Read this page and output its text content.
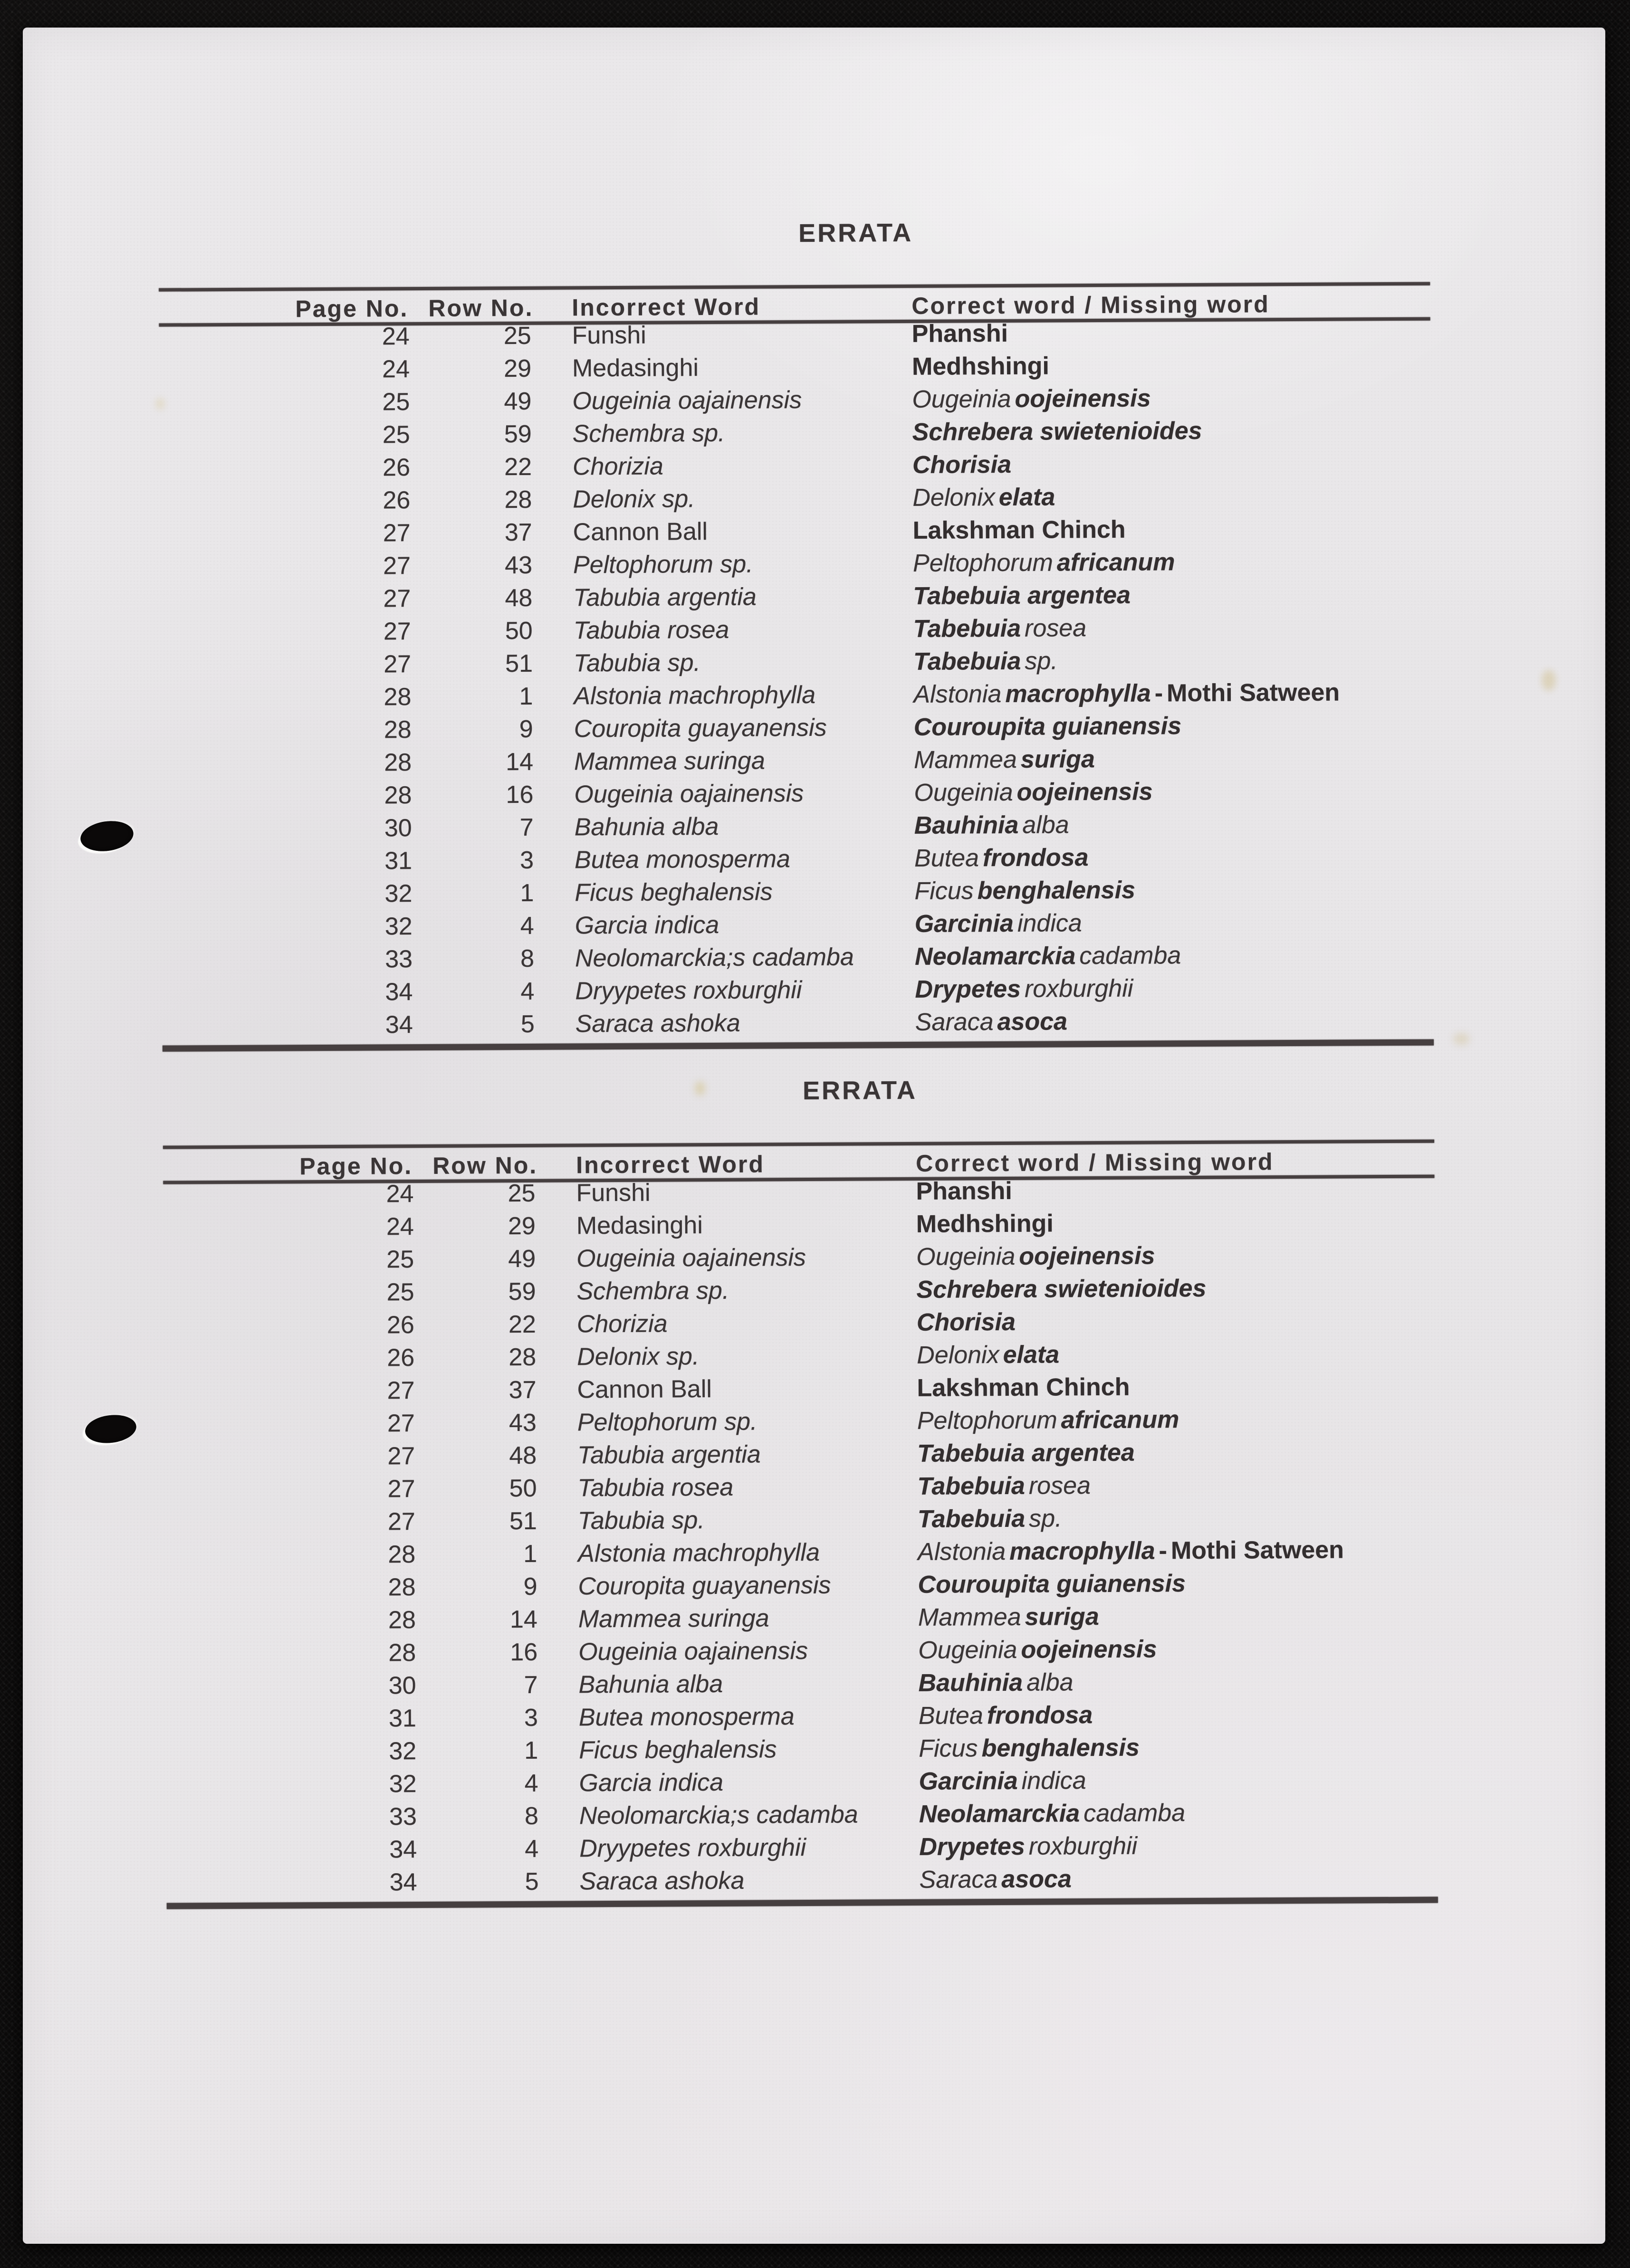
ERRATA
Page No. Row No. Incorrect Word	Correct word / Missing word
24	25 Funshi	Phanshi
24	29 Medasinghi	Medhshingi
25	49 Ougeinia oajainensis	Ougeinia oojeinensis
25	59 Schembra sp.	Schrebera swietenioides
26	22 Chorizia	Chorisia
26	28 Delonix sp.	Delonix elata
27	37 Cannon Ball	Lakshman Chinch
27	43 Peltophorum sp.	Peltophorum africanum
27	48 Tabubia argentia	Tabebuia argentea
27	50 Tabubia rosea	Tabebuia rosea
27	51 Tabubia sp.	Tabebuia sp.
28	1 Alstonia machrophylla	Alstonia macrophylla - Mothi Satween
28	9 Couropita guayanensis	Couroupita guianensis
28	14 Mammea suringa	Mammea suriga
28	16 Ougeinia oajainensis	Ougeinia oojeinensis
30	7 Bahunia alba	Bauhinia alba
31	3 Butea monosperma	Butea frondosa
32	1 Ficus beghalensis	Ficus benghalensis
32	4 Garcia indica	Garcinia indica
33	8 Neolomarckia;s cadamba	Neolamarckia cadamba
34	4 Dryypetes roxburghii	Drypetes roxburghii
34	5 Saraca ashoka	Saraca asoca
ERRATA
Page No. Row No. Incorrect Word	Correct word / Missing word
24	25 Funshi	Phanshi
24	29 Medasinghi	Medhshingi
25	49 Ougeinia oajainensis	Ougeinia oojeinensis
25	59 Schembra sp.	Schrebera swietenioides
26	22 Chorizia	Chorisia
26	28 Delonix sp.	Delonix elata
27	37 Cannon Ball	Lakshman Chinch
27	43 Peltophorum sp.	Peltophorum africanum
27	48 Tabubia argentia	Tabebuia argentea
27	50 Tabubia rosea	Tabebuia rosea
27	51 Tabubia sp.	Tabebuia sp.
28	1 Alstonia machrophylla	Alstonia macrophylla - Mothi Satween
28	9 Couropita guayanensis	Couroupita guianensis
28	14 Mammea suringa	Mammea suriga
28	16 Ougeinia oajainensis	Ougeinia oojeinensis
30	7 Bahunia alba	Bauhinia alba
31	3 Butea monosperma	Butea frondosa
32	1 Ficus beghalensis	Ficus benghalensis
32	4 Garcia indica	Garcinia indica
33	8 Neolomarckia;s cadamba	Neolamarckia cadamba
34	4 Dryypetes roxburghii	Drypetes roxburghii
34	5 Saraca ashoka	Saraca asoca
